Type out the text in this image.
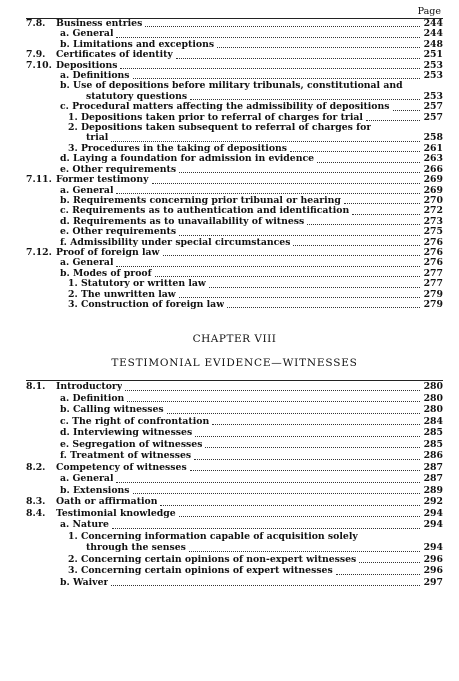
Page
7.8.	Business entries	244
a. General	244
b. Limitations and exceptions	248
7.9.	Certificates of identity	251
7.10. Depositions	253
a. Definitions	253
b. Use of depositions before military tribunals, constitutional and
statutory questions	253
c. Procedural matters affecting the admissibility of depositions	257
1. Depositions taken prior to referral of charges for trial	257
2. Depositions taken subsequent to referral of charges for
trial	258
3. Procedures in the taking of depositions	261
d. Laying a foundation for admission in evidence	263
e. Other requirements	266
7.11. Former testimony	269
a. General	269
b. Requirements concerning prior tribunal or hearing	270
c. Requirements as to authentication and identification	272
d. Requirements as to unavailability of witness	273
e. Other requirements	275
f. Admissibility under special circumstances	276
7.12. Proof of foreign law	276
a. General	276
b. Modes of proof	277
1. Statutory or written law	277
2. The unwritten law	279
3. Construction of foreign law	279
CHAPTER VIII
TESTIMONIAL EVIDENCE—WITNESSES
8.1.	Introductory	280
a. Definition	280
b. Calling witnesses	280
c. The right of confrontation	284
d. Interviewing witnesses	285
e. Segregation of witnesses	285
f. Treatment of witnesses	286
8.2.	Competency of witnesses	287
a. General	287
b. Extensions	289
8.3.	Oath or affirmation	292
8.4.	Testimonial knowledge	294
a. Nature	294
1. Concerning information capable of acquisition solely
through the senses	294
2. Concerning certain opinions of non-expert witnesses	296
3. Concerning certain opinions of expert witnesses	296
b. Waiver	297
